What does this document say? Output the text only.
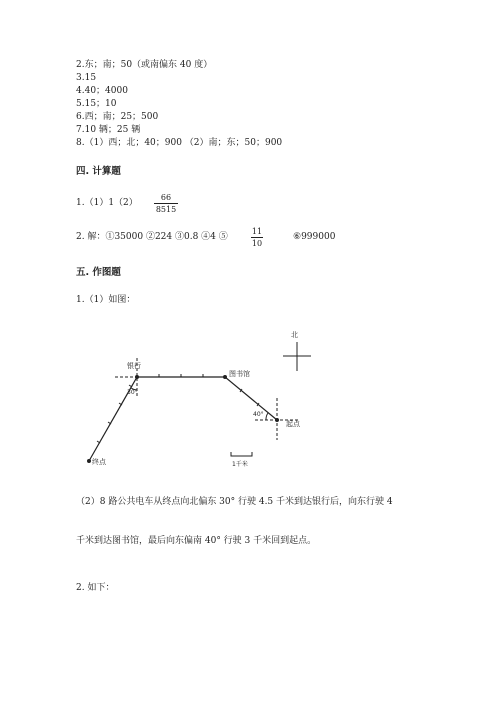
2.东；南；50（或南偏东 40 度）
3.15
4.40；4000
5.15；10
6.西；南；25；500
7.10 辆；25 辆
8.（1）西；北；40；900 （2）南；东；50；900
四. 计算题
1.（1）1（2）
66
8515
2. 解：①35000 ②224 ③0.8 ④4 ⑤
11
10
⑥999000
五. 作图题
1.（1）如图：
北
银行
图书馆
起点
终点
30°
40°
1千米
（2）8 路公共电车从终点向北偏东 30° 行驶 4.5 千米到达银行后，向东行驶 4
千米到达图书馆，最后向东偏南 40° 行驶 3 千米回到起点。
2. 如下：
